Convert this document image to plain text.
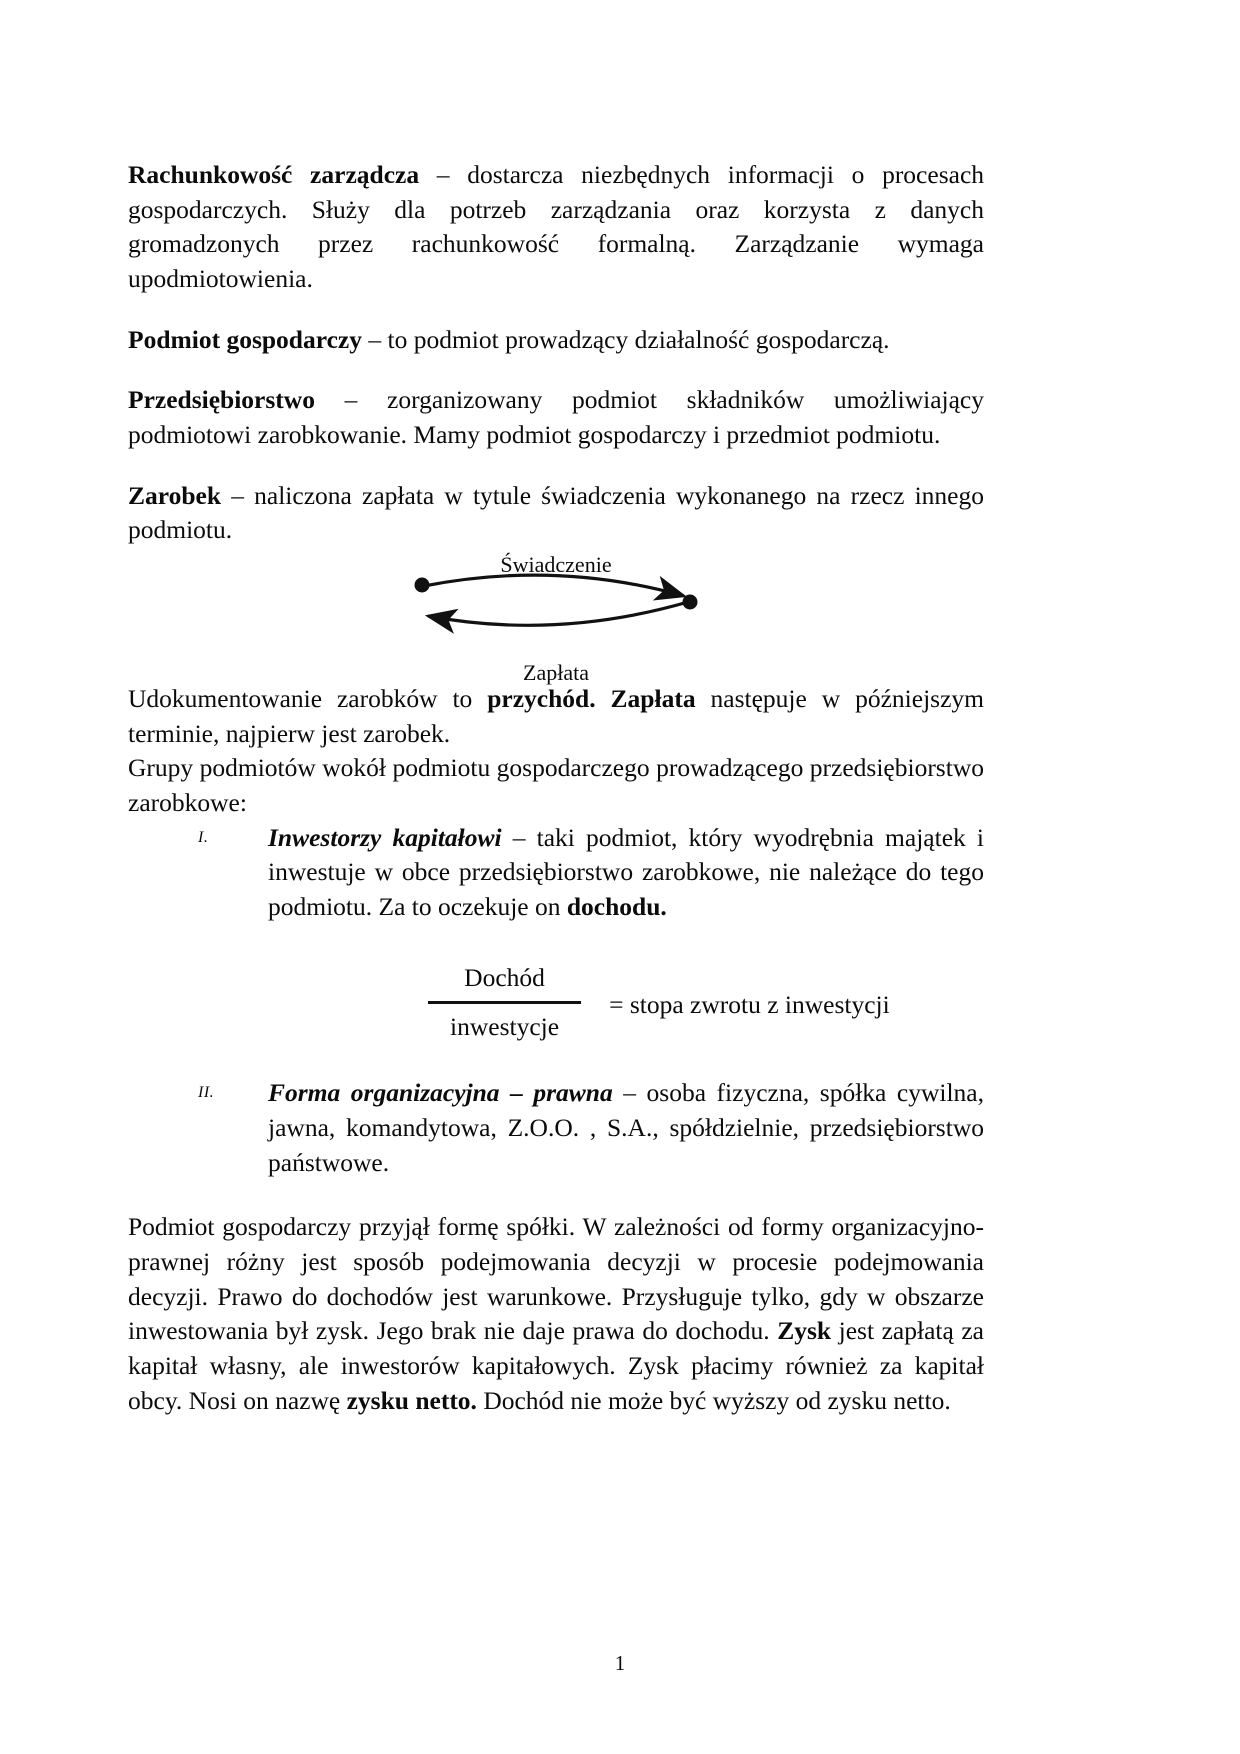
Rachunkowość zarządcza – dostarcza niezbędnych informacji o procesach gospodarczych. Służy dla potrzeb zarządzania oraz korzysta z danych gromadzonych przez rachunkowość formalną. Zarządzanie wymaga upodmiotowienia.

Podmiot gospodarczy – to podmiot prowadzący działalność gospodarczą.

Przedsiębiorstwo – zorganizowany podmiot składników umożliwiający podmiotowi zarobkowanie. Mamy podmiot gospodarczy i przedmiot podmiotu.

Zarobek – naliczona zapłata w tytule świadczenia wykonanego na rzecz innego podmiotu.

Świadczenie
Zapłata

Udokumentowanie zarobków to przychód. Zapłata następuje w późniejszym terminie, najpierw jest zarobek.

Grupy podmiotów wokół podmiotu gospodarczego prowadzącego przedsiębiorstwo zarobkowe:

I. Inwestorzy kapitałowi – taki podmiot, który wyodrębnia majątek i inwestuje w obce przedsiębiorstwo zarobkowe, nie należące do tego podmiotu. Za to oczekuje on dochodu.
$\frac{\text{Dochód}}{\text{inwestycje}}$ = stopa zwrotu z inwestycji
II. Forma organizacyjna – prawna – osoba fizyczna, spółka cywilna, jawna, komandytowa, Z.O.O. , S.A., spółdzielnie, przedsiębiorstwo państwowe.

Podmiot gospodarczy przyjął formę spółki. W zależności od formy organizacyjno- prawnej różny jest sposób podejmowania decyzji w procesie podejmowania decyzji. Prawo do dochodów jest warunkowe. Przysługuje tylko, gdy w obszarze inwestowania był zysk. Jego brak nie daje prawa do dochodu. Zysk jest zapłatą za kapitał własny, ale inwestorów kapitałowych. Zysk płacimy również za kapitał obcy. Nosi on nazwę zysku netto. Dochód nie może być wyższy od zysku netto.

1
